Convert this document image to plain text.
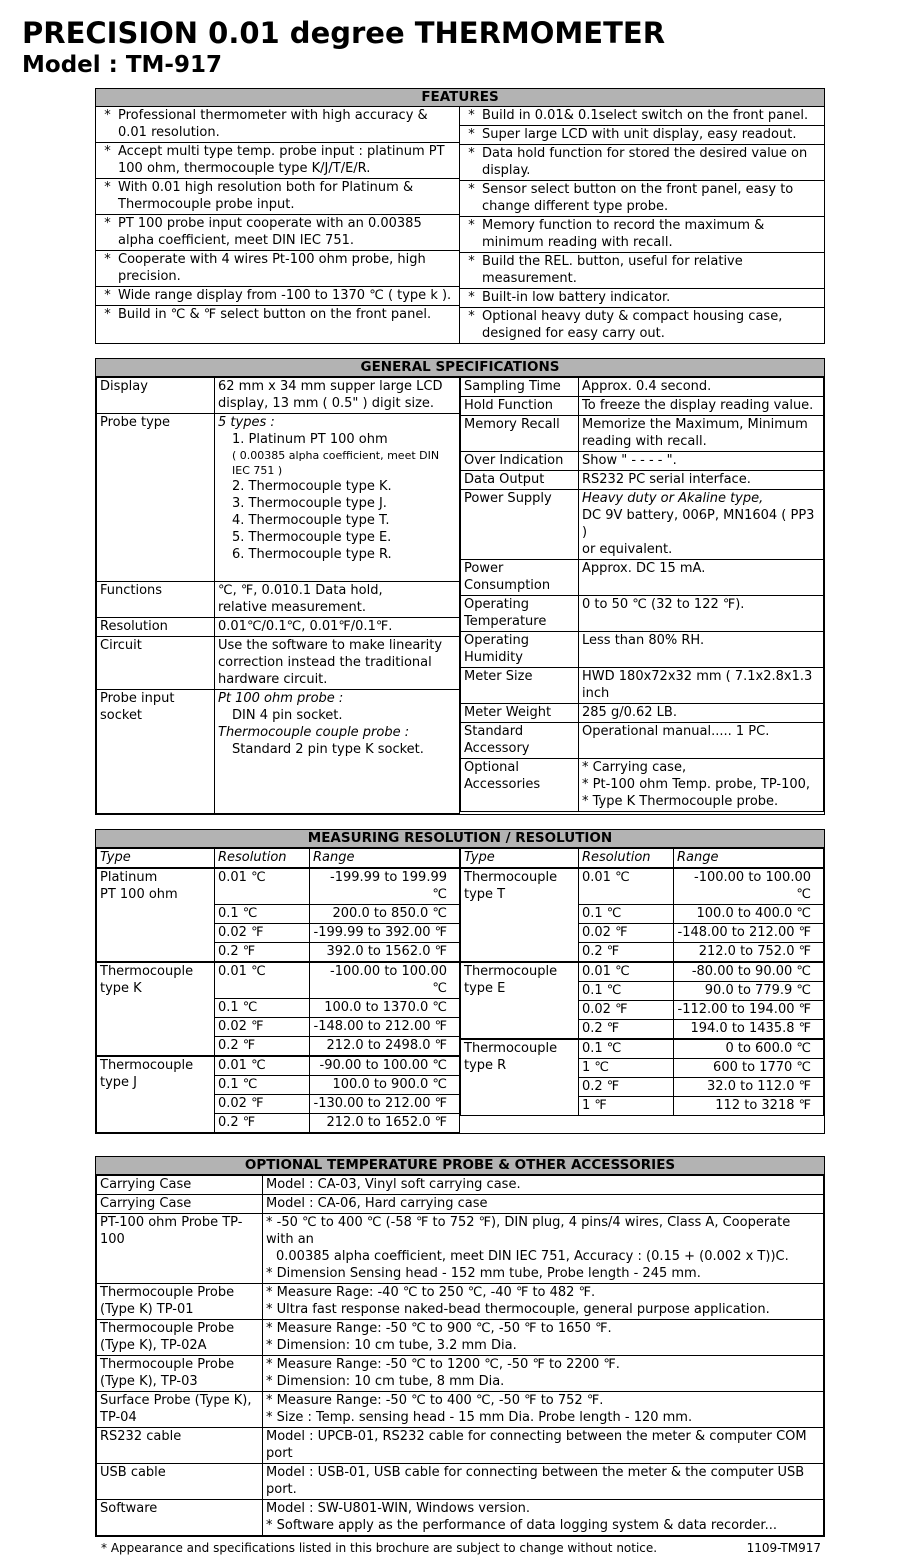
PRECISION 0.01 degree THERMOMETER
Model : TM-917
FEATURES
* Professional thermometer with high accuracy & 0.01 resolution.
* Accept multi type temp. probe input : platinum PT 100 ohm, thermocouple type K/J/T/E/R.
* With 0.01 high resolution both for Platinum & Thermocouple probe input.
* PT 100 probe input cooperate with an 0.00385 alpha coefficient, meet DIN IEC 751.
* Cooperate with 4 wires Pt-100 ohm probe, high precision.
* Wide range display from -100 to 1370 ℃ ( type k ).
* Build in ℃ & ℉ select button on the front panel.
* Build in 0.01& 0.1select switch on the front panel.
* Super large LCD with unit display, easy readout.
* Data hold function for stored the desired value on display.
* Sensor select button on the front panel, easy to change different type probe.
* Memory function to record the maximum & minimum reading with recall.
* Build the REL. button, useful for relative measurement.
* Built-in low battery indicator.
* Optional heavy duty & compact housing case, designed for easy carry out.
GENERAL SPECIFICATIONS
Display	62 mm x 34 mm supper large LCD
display, 13 mm ( 0.5" ) digit size.

Probe type	5 types :
1. Platinum PT 100 ohm
( 0.00385 alpha coefficient, meet DIN IEC 751 )
2. Thermocouple type K.
3. Thermocouple type J.
4. Thermocouple type T.
5. Thermocouple type E.
6. Thermocouple type R.

Functions	℃, ℉, 0.010.1 Data hold,
relative measurement.

Resolution	0.01℃/0.1℃, 0.01℉/0.1℉.

Circuit	Use the software to make linearity
correction instead the traditional
hardware circuit.

Probe input socket	Pt 100 ohm probe :
DIN 4 pin socket.
Thermocouple couple probe :
Standard 2 pin type K socket.
Sampling Time	Approx. 0.4 second.

Hold Function	To freeze the display reading value.

Memory Recall	Memorize the Maximum, Minimum
reading with recall.

Over Indication	Show " - - - - ".

Data Output	RS232 PC serial interface.

Power Supply	Heavy duty or Akaline type,
DC 9V battery, 006P, MN1604 ( PP3 )
or equivalent.

Power Consumption	Approx. DC 15 mA.

Operating Temperature	0 to 50 ℃ (32 to 122 ℉).

Operating Humidity	Less than 80% RH.

Meter Size	HWD 180x72x32 mm ( 7.1x2.8x1.3 inch

Meter Weight	285 g/0.62 LB.

Standard Accessory	Operational manual..... 1 PC.

Optional Accessories	* Carrying case,
* Pt-100 ohm Temp. probe, TP-100,
* Type K Thermocouple probe.
MEASURING RESOLUTION / RESOLUTION
Type	Resolution	Range

Platinum
PT 100 ohm	0.01 ℃	-199.99 to 199.99 ℃
	0.1 ℃	200.0 to 850.0 ℃
	0.02 ℉	-199.99 to 392.00 ℉
	0.2 ℉	392.0 to 1562.0 ℉

Thermocouple
type K	0.01 ℃	-100.00 to 100.00 ℃
	0.1 ℃	100.0 to 1370.0 ℃
	0.02 ℉	-148.00 to 212.00 ℉
	0.2 ℉	212.0 to 2498.0 ℉

Thermocouple
type J	0.01 ℃	-90.00 to 100.00 ℃
	0.1 ℃	100.0 to 900.0 ℃
	0.02 ℉	-130.00 to 212.00 ℉
	0.2 ℉	212.0 to 1652.0 ℉
Type	Resolution	Range

Thermocouple
type T	0.01 ℃	-100.00 to 100.00 ℃
	0.1 ℃	100.0 to 400.0 ℃
	0.02 ℉	-148.00 to 212.00 ℉
	0.2 ℉	212.0 to 752.0 ℉

Thermocouple
type E	0.01 ℃	-80.00 to 90.00 ℃
	0.1 ℃	90.0 to 779.9 ℃
	0.02 ℉	-112.00 to 194.00 ℉
	0.2 ℉	194.0 to 1435.8 ℉

Thermocouple
type R	0.1 ℃	0 to 600.0 ℃
	1 ℃	600 to 1770 ℃
	0.2 ℉	32.0 to 112.0 ℉
	1 ℉	112 to 3218 ℉
OPTIONAL TEMPERATURE PROBE & OTHER ACCESSORIES
Carrying Case	Model : CA-03, Vinyl soft carrying case.

Carrying Case	Model : CA-06, Hard carrying case

PT-100 ohm Probe TP-100	* -50 ℃ to 400 ℃ (-58 ℉ to 752 ℉), DIN plug, 4 pins/4 wires, Class A, Cooperate with an
0.00385 alpha coefficient, meet DIN IEC 751, Accuracy : (0.15 + (0.002 x T))C.
* Dimension Sensing head - 152 mm tube, Probe length - 245 mm.

Thermocouple Probe (Type K) TP-01	* Measure Rage: -40 ℃ to 250 ℃, -40 ℉ to 482 ℉.
* Ultra fast response naked-bead thermocouple, general purpose application.

Thermocouple Probe (Type K), TP-02A	* Measure Range: -50 ℃ to 900 ℃, -50 ℉ to 1650 ℉.
* Dimension: 10 cm tube, 3.2 mm Dia.

Thermocouple Probe (Type K), TP-03	* Measure Range: -50 ℃ to 1200 ℃, -50 ℉ to 2200 ℉.
* Dimension: 10 cm tube, 8 mm Dia.

Surface Probe (Type K), TP-04	* Measure Range: -50 ℃ to 400 ℃, -50 ℉ to 752 ℉.
* Size : Temp. sensing head - 15 mm Dia. Probe length - 120 mm.

RS232 cable	Model : UPCB-01, RS232 cable for connecting between the meter & computer COM port

USB cable	Model : USB-01, USB cable for connecting between the meter & the computer USB port.

Software	Model : SW-U801-WIN, Windows version.
* Software apply as the performance of data logging system & data recorder...
* Appearance and specifications listed in this brochure are subject to change without notice.	1109-TM917
